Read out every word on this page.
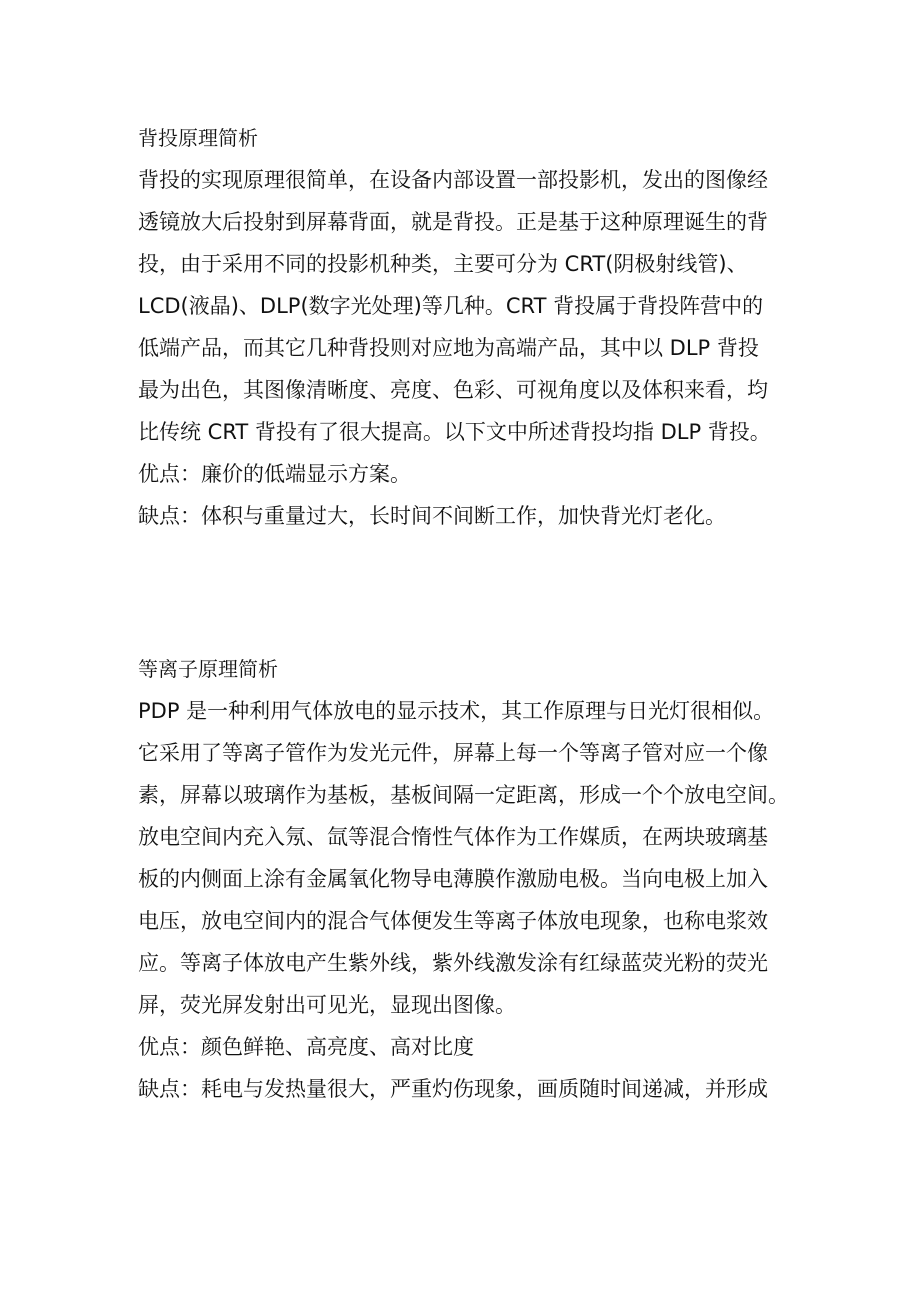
背投原理简析

背投的实现原理很简单，在设备内部设置一部投影机，发出的图像经

透镜放大后投射到屏幕背面，就是背投。正是基于这种原理诞生的背

投，由于采用不同的投影机种类，主要可分为 CRT(阴极射线管)、

LCD(液晶)、DLP(数字光处理)等几种。CRT 背投属于背投阵营中的

低端产品，而其它几种背投则对应地为高端产品，其中以 DLP 背投

最为出色，其图像清晰度、亮度、色彩、可视角度以及体积来看，均

比传统 CRT 背投有了很大提高。以下文中所述背投均指 DLP 背投。

优点：廉价的低端显示方案。

缺点：体积与重量过大，长时间不间断工作，加快背光灯老化。

等离子原理简析

PDP 是一种利用气体放电的显示技术，其工作原理与日光灯很相似。

它采用了等离子管作为发光元件，屏幕上每一个等离子管对应一个像

素，屏幕以玻璃作为基板，基板间隔一定距离，形成一个个放电空间。

放电空间内充入氖、氙等混合惰性气体作为工作媒质，在两块玻璃基

板的内侧面上涂有金属氧化物导电薄膜作激励电极。当向电极上加入

电压，放电空间内的混合气体便发生等离子体放电现象，也称电浆效

应。等离子体放电产生紫外线，紫外线激发涂有红绿蓝荧光粉的荧光

屏，荧光屏发射出可见光，显现出图像。

优点：颜色鲜艳、高亮度、高对比度

缺点：耗电与发热量很大，严重灼伤现象，画质随时间递减，并形成
